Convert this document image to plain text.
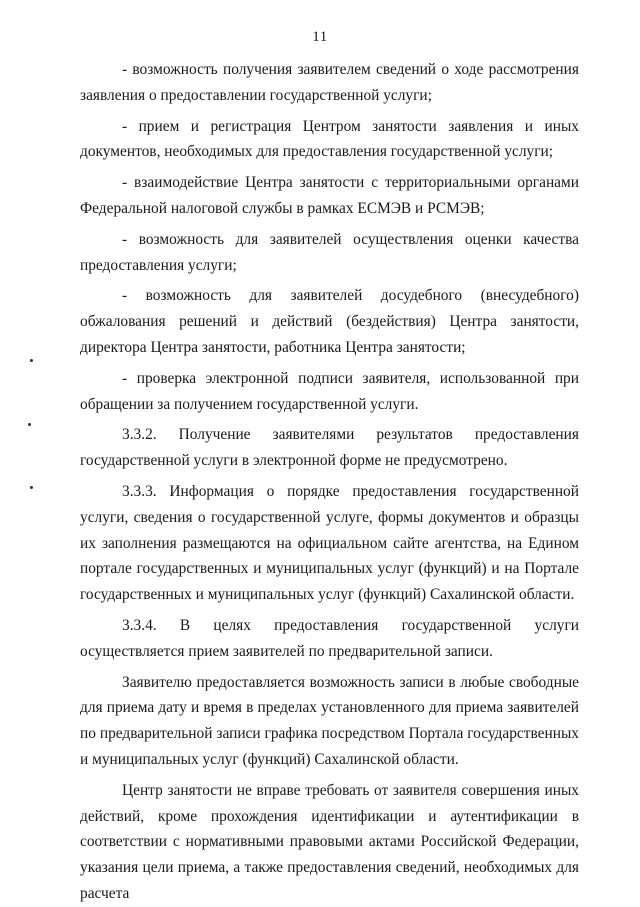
11

- возможность получения заявителем сведений о ходе рассмотрения заявления о предоставлении государственной услуги;

- прием и регистрация Центром занятости заявления и иных документов, необходимых для предоставления государственной услуги;

- взаимодействие Центра занятости с территориальными органами Федеральной налоговой службы в рамках ЕСМЭВ и РСМЭВ;

- возможность для заявителей осуществления оценки качества предоставления услуги;

- возможность для заявителей досудебного (внесудебного) обжалования решений и действий (бездействия) Центра занятости, директора Центра занятости, работника Центра занятости;

- проверка электронной подписи заявителя, использованной при обращении за получением государственной услуги.

3.3.2. Получение заявителями результатов предоставления государственной услуги в электронной форме не предусмотрено.

3.3.3. Информация о порядке предоставления государственной услуги, сведения о государственной услуге, формы документов и образцы их заполнения размещаются на официальном сайте агентства, на Едином портале государственных и муниципальных услуг (функций) и на Портале государственных и муниципальных услуг (функций) Сахалинской области.

3.3.4. В целях предоставления государственной услуги осуществляется прием заявителей по предварительной записи.

Заявителю предоставляется возможность записи в любые свободные для приема дату и время в пределах установленного для приема заявителей по предварительной записи графика посредством Портала государственных и муниципальных услуг (функций) Сахалинской области.

Центр занятости не вправе требовать от заявителя совершения иных действий, кроме прохождения идентификации и аутентификации в соответствии с нормативными правовыми актами Российской Федерации, указания цели приема, а также предоставления сведений, необходимых для расчета
